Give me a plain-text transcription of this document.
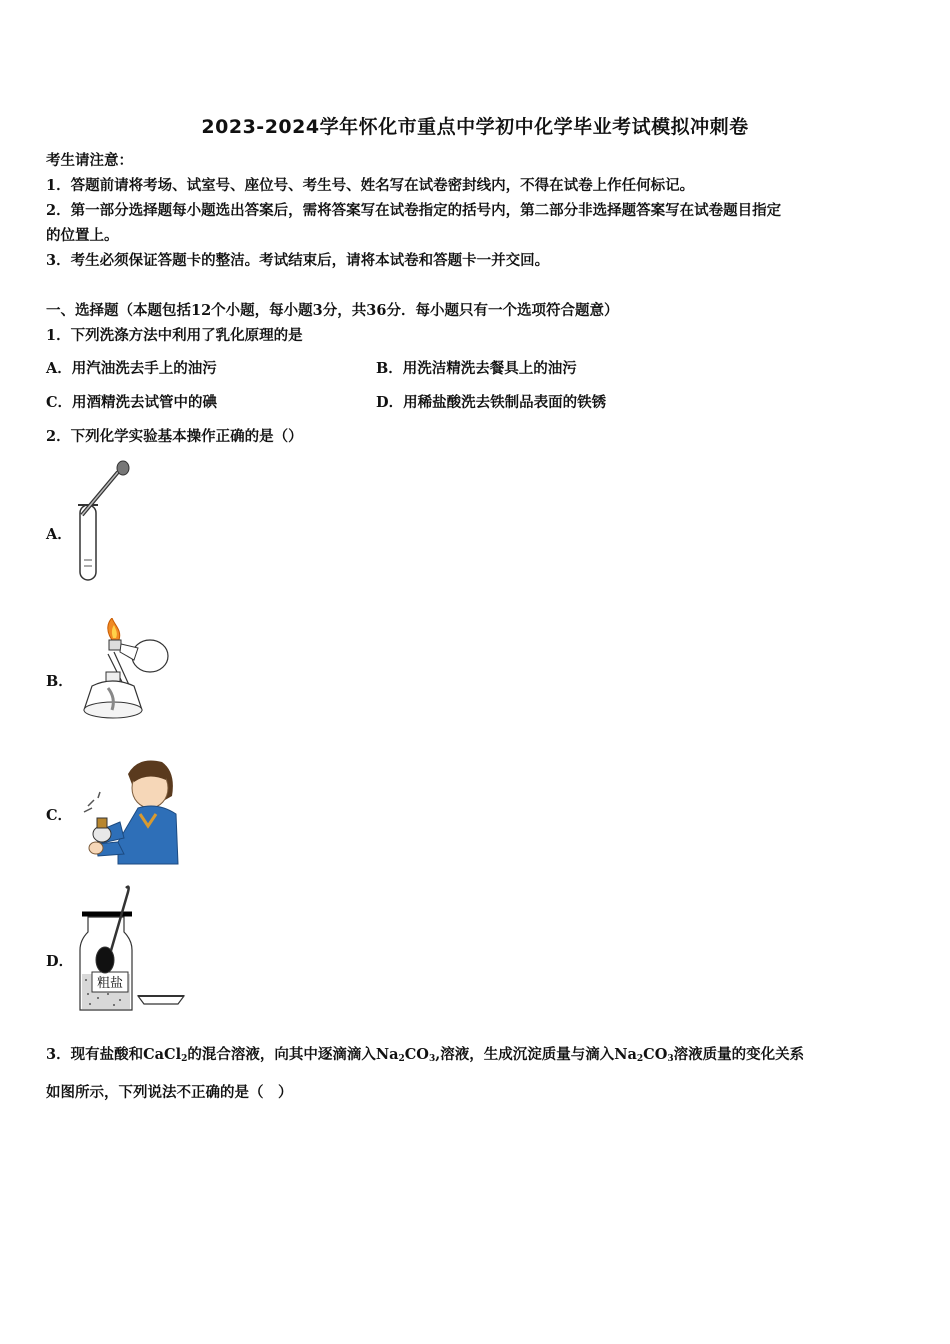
2023-2024学年怀化市重点中学初中化学毕业考试模拟冲刺卷
考生请注意：
1．答题前请将考场、试室号、座位号、考生号、姓名写在试卷密封线内，不得在试卷上作任何标记。
2．第一部分选择题每小题选出答案后，需将答案写在试卷指定的括号内，第二部分非选择题答案写在试卷题目指定
的位置上。
3．考生必须保证答题卡的整洁。考试结束后，请将本试卷和答题卡一并交回。
一、选择题（本题包括12个小题，每小题3分，共36分．每小题只有一个选项符合题意）
1．下列洗涤方法中利用了乳化原理的是
A．用汽油洗去手上的油污	B．用洗洁精洗去餐具上的油污
C．用酒精洗去试管中的碘	D．用稀盐酸洗去铁制品表面的铁锈
2．下列化学实验基本操作正确的是（）
A．
B．
C．
D．
粗盐
3．现有盐酸和CaCl$_2$的混合溶液，向其中逐滴滴入$Na_2CO_3$,溶液，生成沉淀质量与滴入$Na_2CO_3$溶液质量的变化关系
如图所示，下列说法不正确的是（　）
